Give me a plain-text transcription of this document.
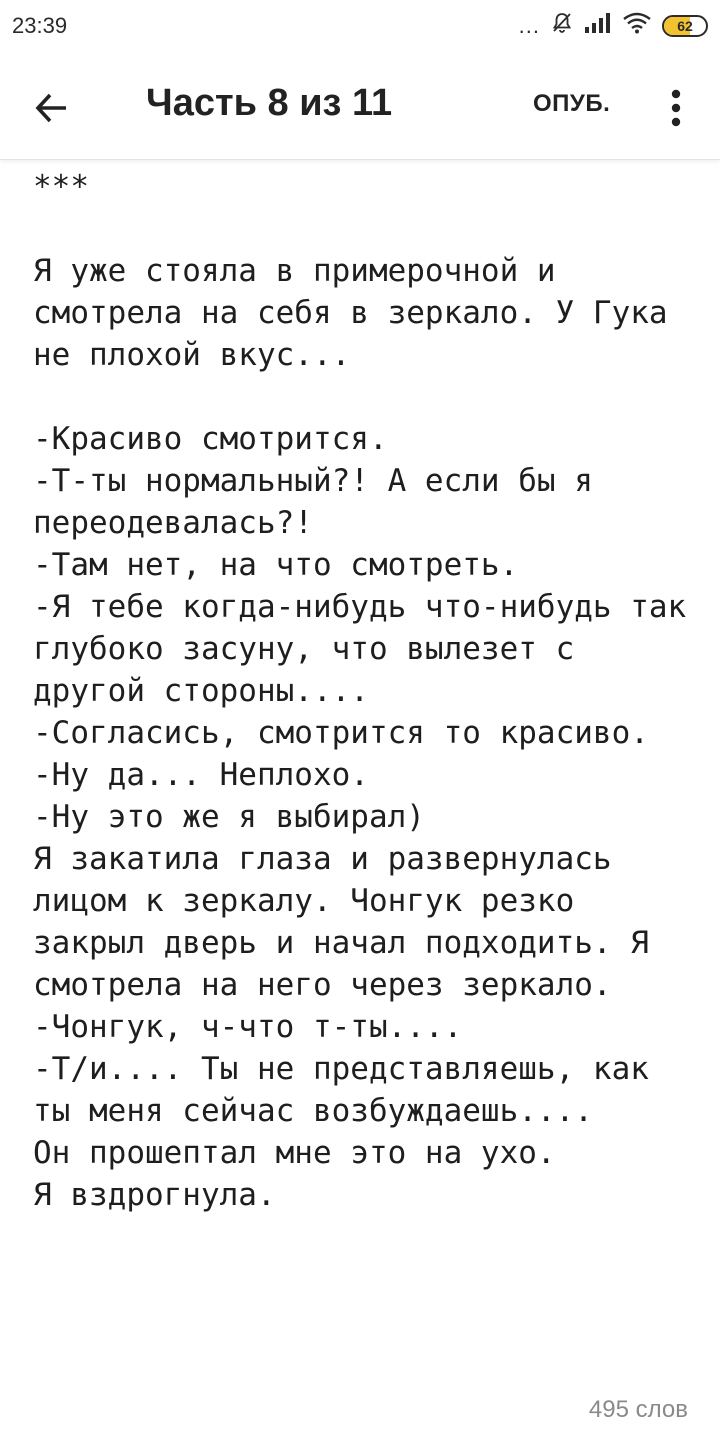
23:39	...	62
Часть 8 из 11	ОПУБ.
***
Я уже стояла в примерочной и смотрела на себя в зеркало. У Гука не плохой вкус...
-Красиво смотрится.
-Т-ты нормальный?! А если бы я переодевалась?!
-Там нет, на что смотреть.
-Я тебе когда-нибудь что-нибудь так глубоко засуну, что вылезет с другой стороны....
-Согласись, смотрится то красиво.
-Ну да... Неплохо.
-Ну это же я выбирал)
Я закатила глаза и развернулась лицом к зеркалу. Чонгук резко закрыл дверь и начал подходить. Я смотрела на него через зеркало.
-Чонгук, ч-что т-ты....
-Т/и.... Ты не представляешь, как ты меня сейчас возбуждаешь....
Он прошептал мне это на ухо.
Я вздрогнула.
495 слов
